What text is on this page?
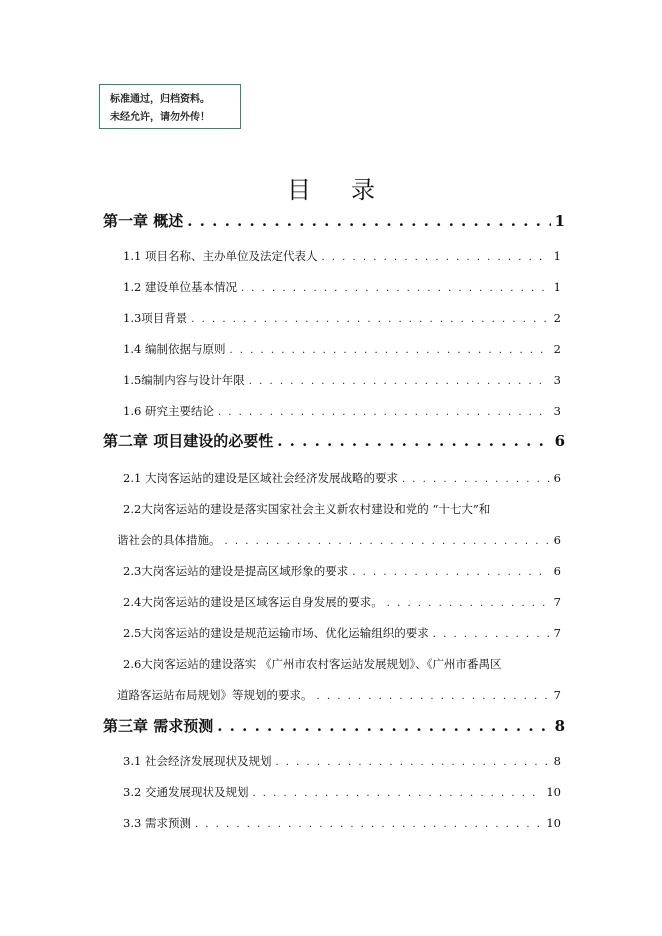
标准通过，归档资料。
未经允许，请勿外传！
目录
第一章 概述 . . .	1
1.1 项目名称、主办单位及法定代表人 . . .	1
1.2 建设单位基本情况 . . .	1
1.3项目背景 . . .	2
1.4 编制依据与原则 . . .	2
1.5编制内容与设计年限 . . .	3
1.6 研究主要结论 . . .	3
第二章 项目建设的必要性 . . .	6
2.1 大岗客运站的建设是区域社会经济发展战略的要求 . . .	6
2.2大岗客运站的建设是落实国家社会主义新农村建设和党的 “十七大”和
谐社会的具体措施。 . . .	6
2.3大岗客运站的建设是提高区域形象的要求 . . .	6
2.4大岗客运站的建设是区域客运自身发展的要求。 . . .	7
2.5大岗客运站的建设是规范运输市场、优化运输组织的要求 . . .	7
2.6大岗客运站的建设落实 《广州市农村客运站发展规划》、《广州市番禺区
道路客运站布局规划》等规划的要求。 . . .	7
第三章 需求预测 . . .	8
3.1 社会经济发展现状及规划 . . .	8
3.2 交通发展现状及规划 . . .	10
3.3 需求预测 . . .	10
